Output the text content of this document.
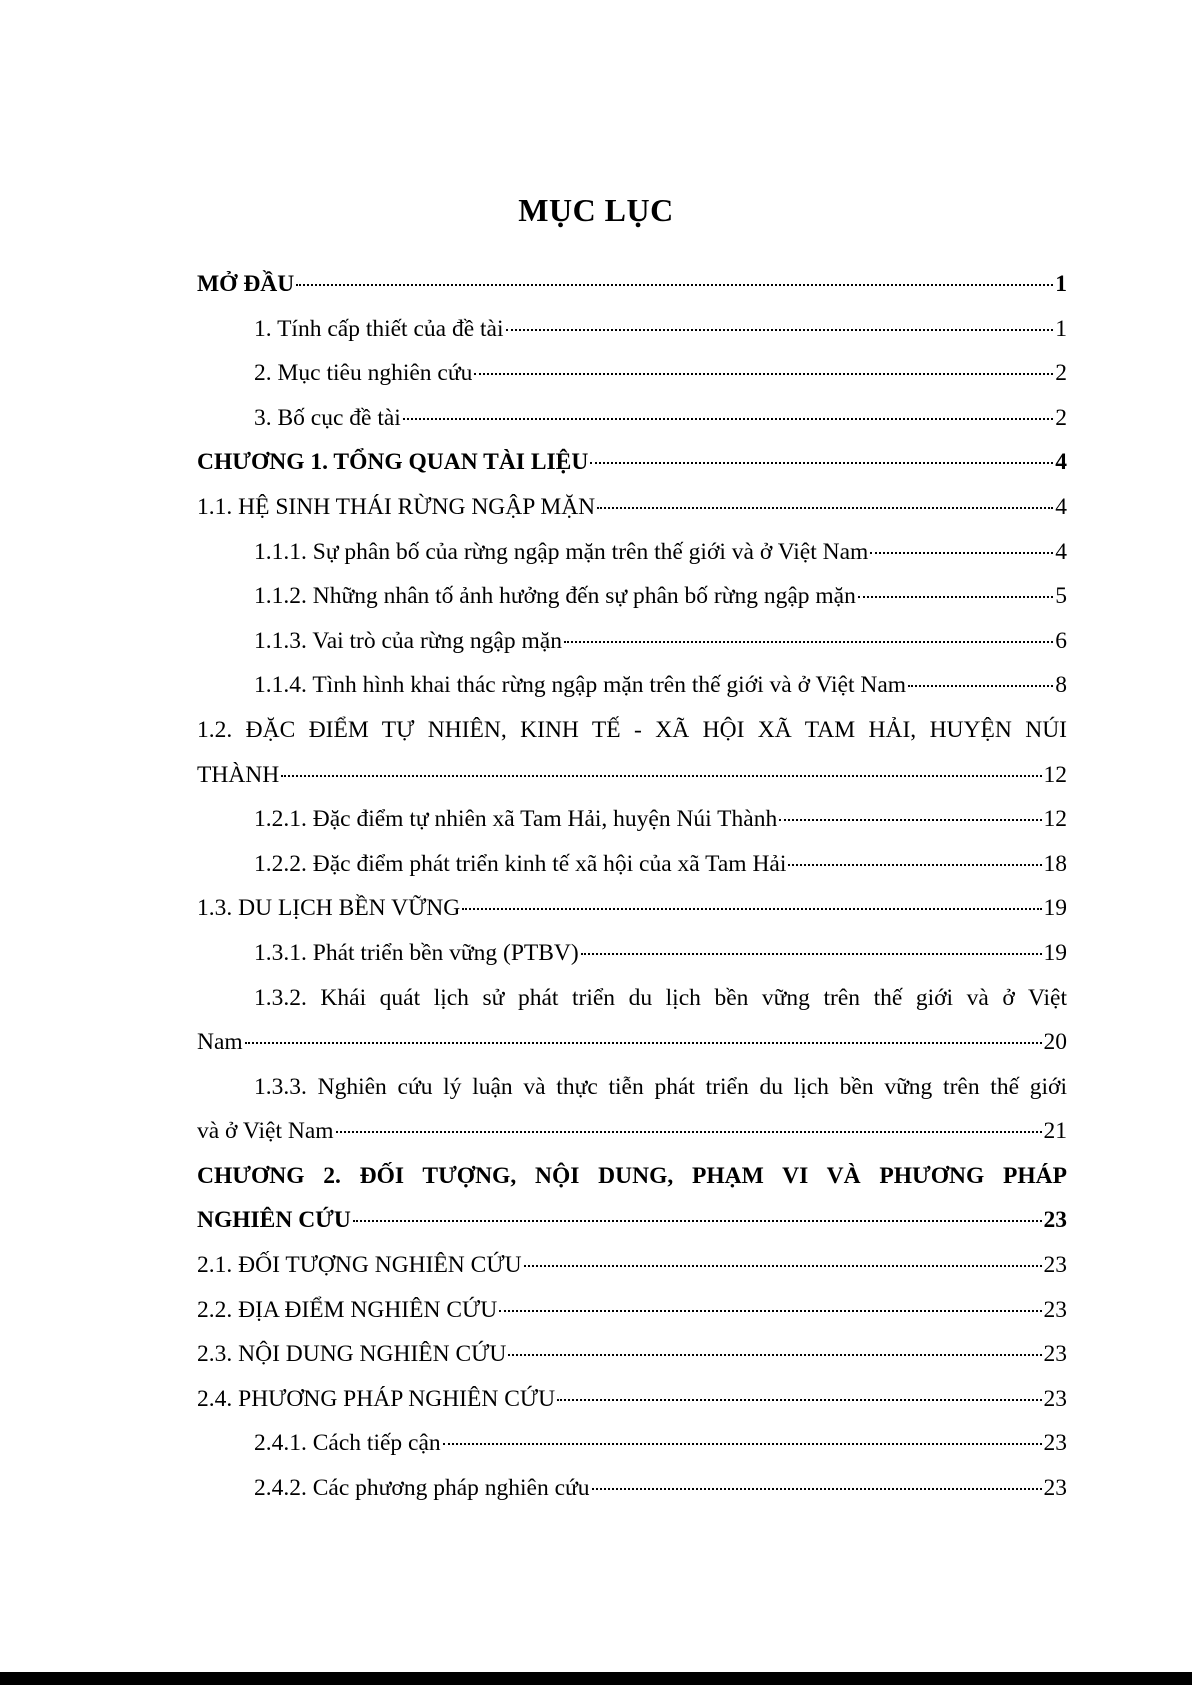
MỤC LỤC
MỞ ĐẦU	1
1. Tính cấp thiết của đề tài	1
2. Mục tiêu nghiên cứu	2
3. Bố cục đề tài	2
CHƯƠNG 1. TỔNG QUAN TÀI LIỆU	4
1.1. HỆ SINH THÁI RỪNG NGẬP MẶN	4
1.1.1. Sự phân bố của rừng ngập mặn trên thế giới và ở Việt Nam	4
1.1.2. Những nhân tố ảnh hưởng đến sự phân bố rừng ngập mặn	5
1.1.3. Vai trò của rừng ngập mặn	6
1.1.4. Tình hình khai thác rừng ngập mặn trên thế giới và ở Việt Nam	8
1.2. ĐẶC ĐIỂM TỰ NHIÊN, KINH TẾ - XÃ HỘI XÃ TAM HẢI, HUYỆN NÚI
THÀNH	12
1.2.1. Đặc điểm tự nhiên xã Tam Hải, huyện Núi Thành	12
1.2.2. Đặc điểm phát triển kinh tế xã hội của xã Tam Hải	18
1.3. DU LỊCH BỀN VỮNG	19
1.3.1. Phát triển bền vững (PTBV)	19
1.3.2. Khái quát lịch sử phát triển du lịch bền vững trên thế giới và ở Việt
Nam	20
1.3.3. Nghiên cứu lý luận và thực tiễn phát triển du lịch bền vững trên thế giới
và ở Việt Nam	21
CHƯƠNG 2. ĐỐI TƯỢNG, NỘI DUNG, PHẠM VI VÀ PHƯƠNG PHÁP
NGHIÊN CỨU	23
2.1. ĐỐI TƯỢNG NGHIÊN CỨU	23
2.2. ĐỊA ĐIỂM NGHIÊN CỨU	23
2.3. NỘI DUNG NGHIÊN CỨU	23
2.4. PHƯƠNG PHÁP NGHIÊN CỨU	23
2.4.1. Cách tiếp cận	23
2.4.2. Các phương pháp nghiên cứu	23
